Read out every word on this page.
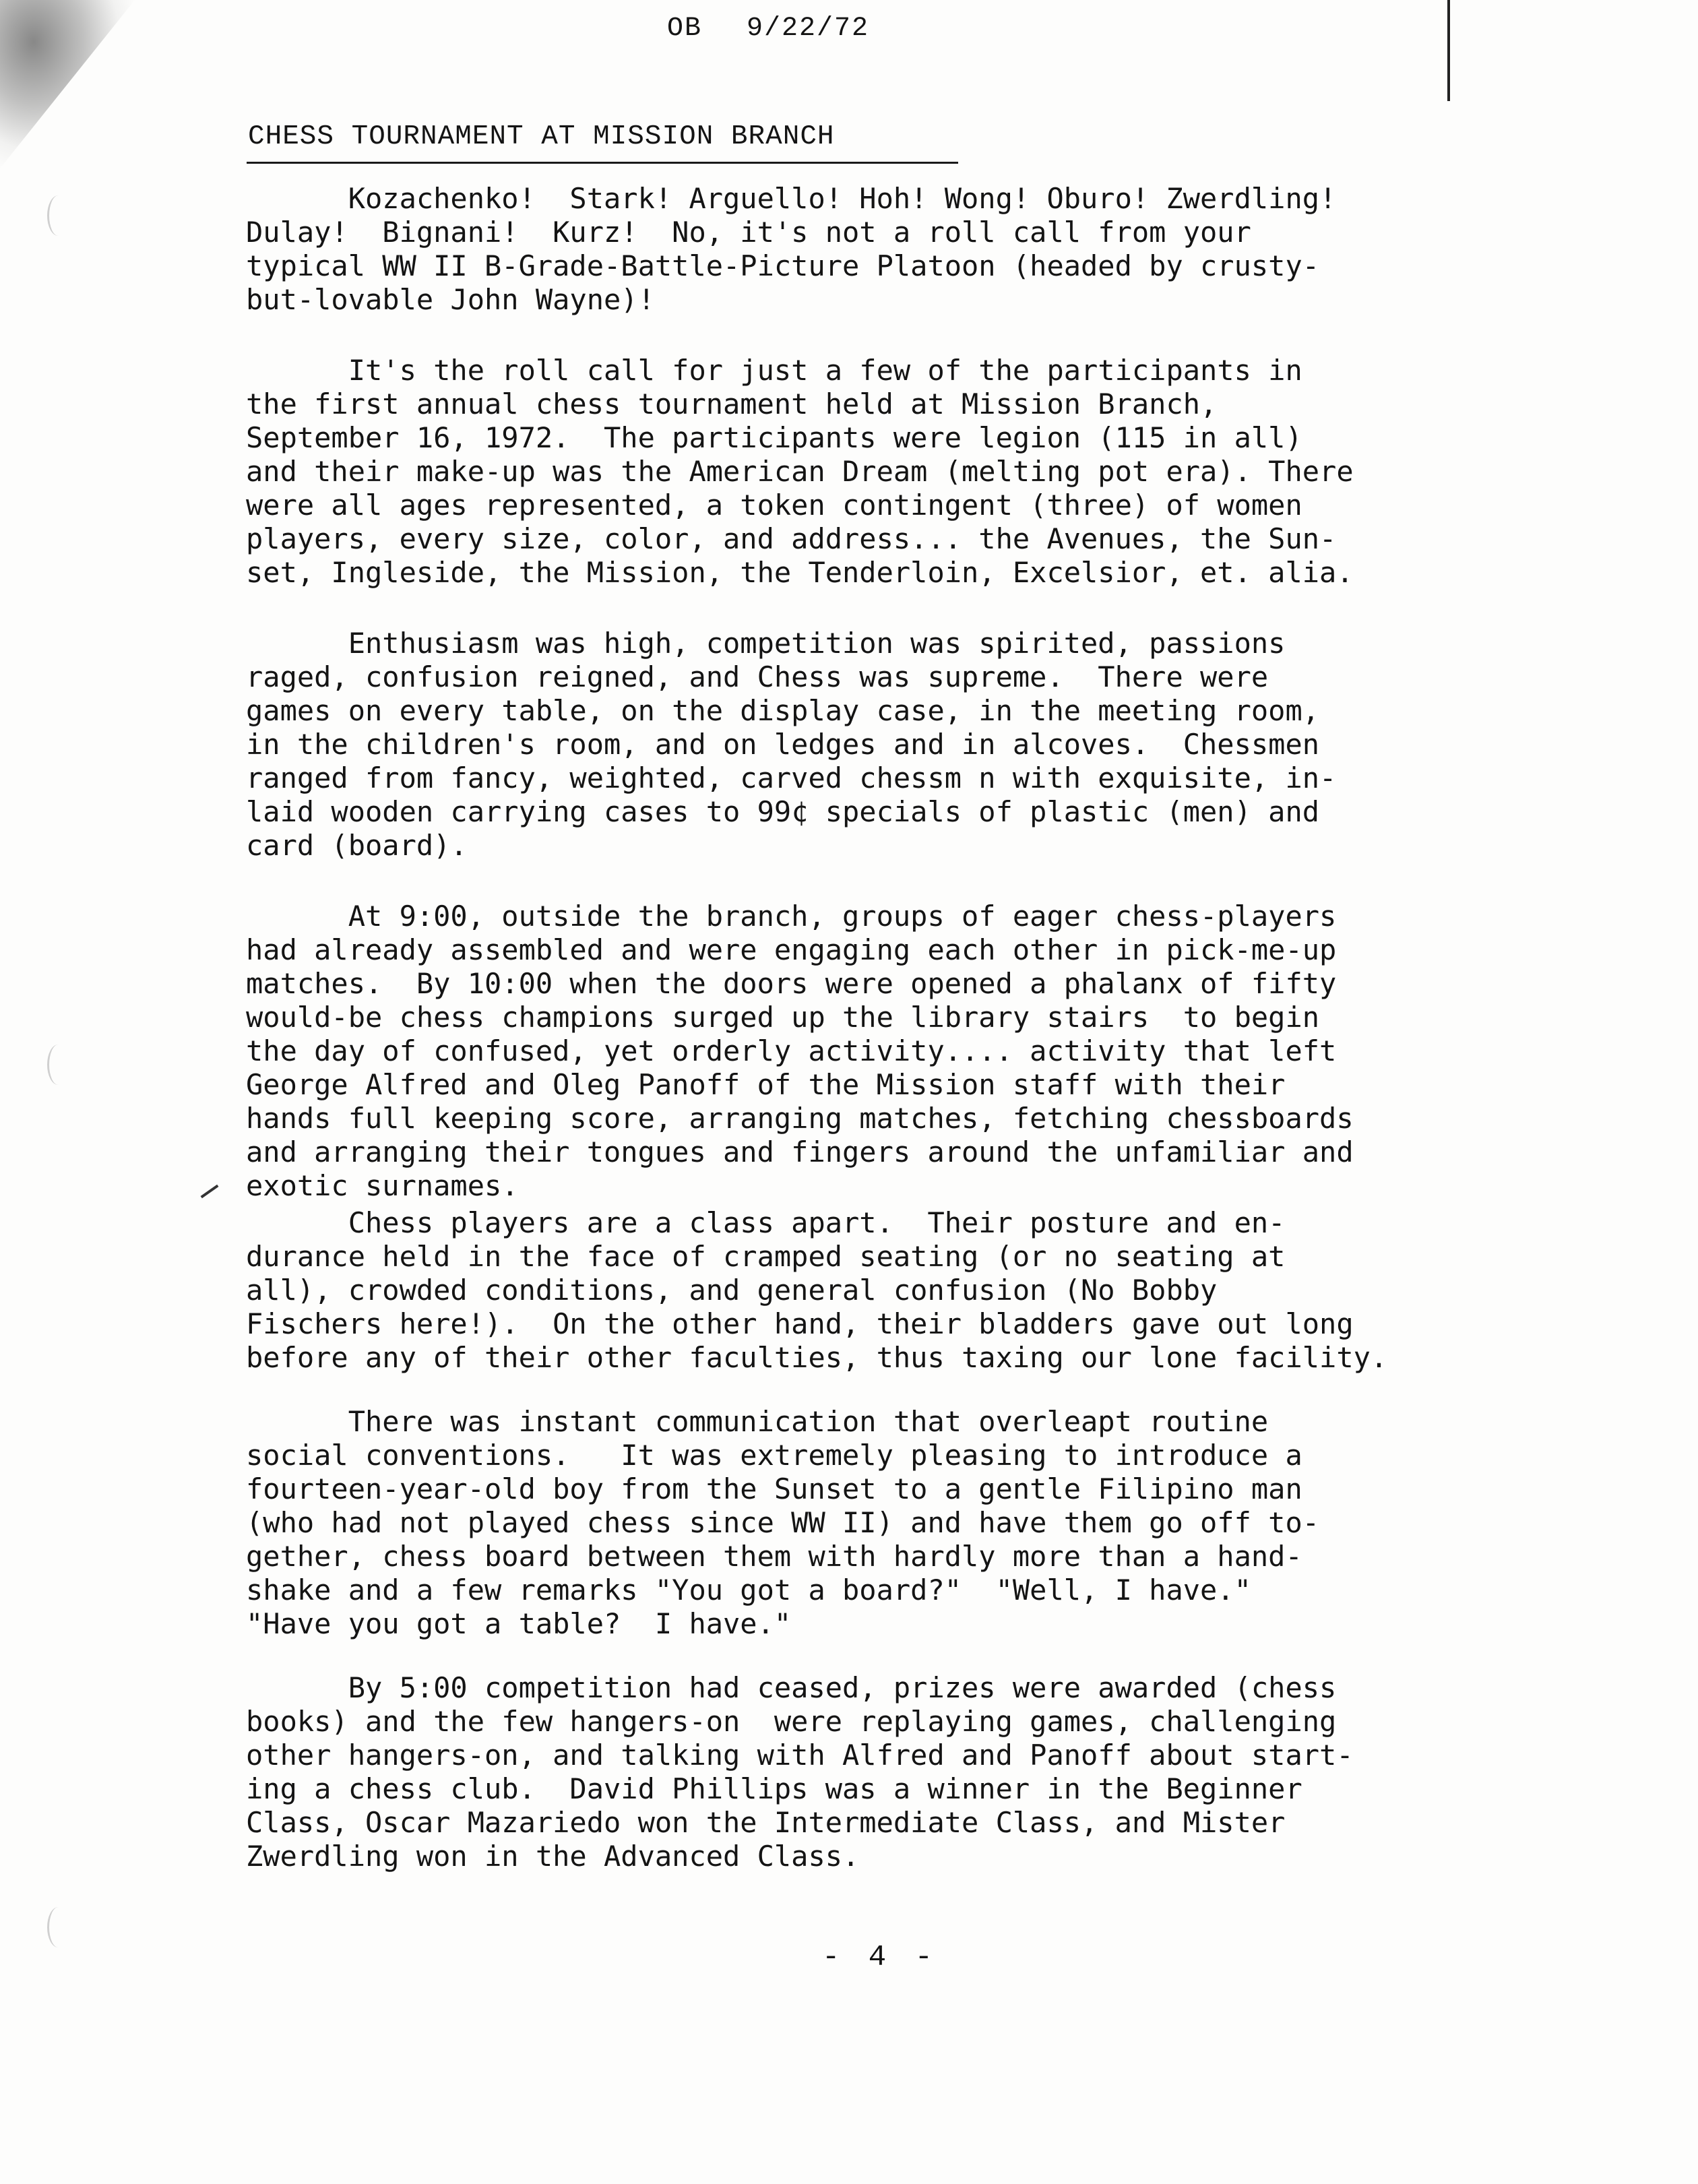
OB 9/22/72
CHESS TOURNAMENT AT MISSION BRANCH
Kozachenko!  Stark! Arguello! Hoh! Wong! Oburo! Zwerdling!
Dulay!  Bignani!  Kurz!  No, it's not a roll call from your
typical WW II B-Grade-Battle-Picture Platoon (headed by crusty-
but-lovable John Wayne)!
It's the roll call for just a few of the participants in
the first annual chess tournament held at Mission Branch,
September 16, 1972.  The participants were legion (115 in all)
and their make-up was the American Dream (melting pot era). There
were all ages represented, a token contingent (three) of women
players, every size, color, and address... the Avenues, the Sun-
set, Ingleside, the Mission, the Tenderloin, Excelsior, et. alia.
Enthusiasm was high, competition was spirited, passions
raged, confusion reigned, and Chess was supreme.  There were
games on every table, on the display case, in the meeting room,
in the children's room, and on ledges and in alcoves.  Chessmen
ranged from fancy, weighted, carved chessm n with exquisite, in-
laid wooden carrying cases to 99¢ specials of plastic (men) and
card (board).
At 9:00, outside the branch, groups of eager chess-players
had already assembled and were engaging each other in pick-me-up
matches.  By 10:00 when the doors were opened a phalanx of fifty
would-be chess champions surged up the library stairs  to begin
the day of confused, yet orderly activity.... activity that left
George Alfred and Oleg Panoff of the Mission staff with their
hands full keeping score, arranging matches, fetching chessboards
and arranging their tongues and fingers around the unfamiliar and
exotic surnames.
Chess players are a class apart.  Their posture and en-
durance held in the face of cramped seating (or no seating at
all), crowded conditions, and general confusion (No Bobby
Fischers here!).  On the other hand, their bladders gave out long
before any of their other faculties, thus taxing our lone facility.
There was instant communication that overleapt routine
social conventions.   It was extremely pleasing to introduce a
fourteen-year-old boy from the Sunset to a gentle Filipino man
(who had not played chess since WW II) and have them go off to-
gether, chess board between them with hardly more than a hand-
shake and a few remarks "You got a board?"  "Well, I have."
"Have you got a table?  I have."
By 5:00 competition had ceased, prizes were awarded (chess
books) and the few hangers-on  were replaying games, challenging
other hangers-on, and talking with Alfred and Panoff about start-
ing a chess club.  David Phillips was a winner in the Beginner
Class, Oscar Mazariedo won the Intermediate Class, and Mister
Zwerdling won in the Advanced Class.
- 4 -
